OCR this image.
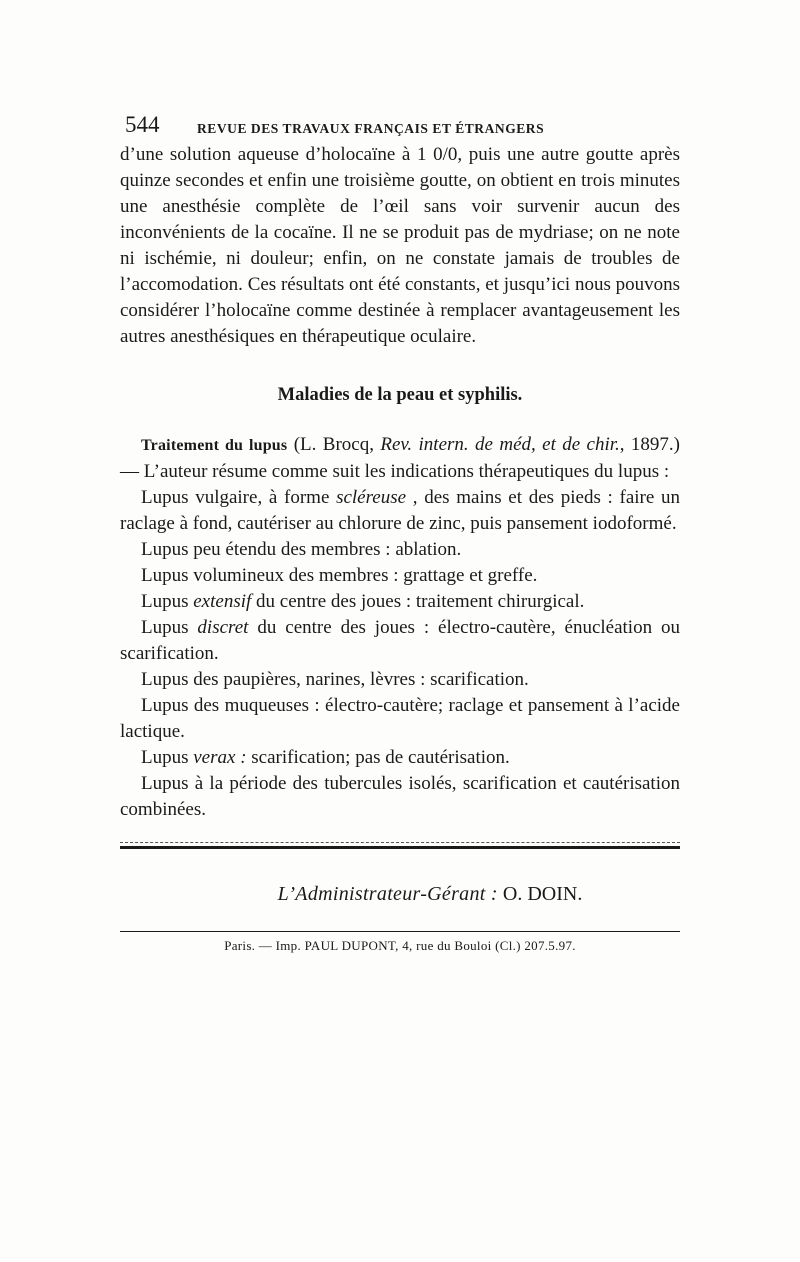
544	REVUE DES TRAVAUX FRANÇAIS ET ÉTRANGERS

d’une solution aqueuse d’holocaïne à 1 0/0, puis une autre goutte après quinze secondes et enfin une troisième goutte, on obtient en trois minutes une anesthésie complète de l’œil sans voir survenir aucun des inconvénients de la cocaïne. Il ne se produit pas de mydriase; on ne note ni ischémie, ni douleur; enfin, on ne constate jamais de troubles de l’accomodation. Ces résultats ont été constants, et jusqu’ici nous pouvons considérer l’holocaïne comme destinée à remplacer avantageusement les autres anesthésiques en thérapeutique oculaire.

Maladies de la peau et syphilis.

Traitement du lupus (L. Brocq, Rev. intern. de méd, et de chir., 1897.) — L’auteur résume comme suit les indications thérapeutiques du lupus :

Lupus vulgaire, à forme scléreuse , des mains et des pieds : faire un raclage à fond, cautériser au chlorure de zinc, puis pansement iodoformé.

Lupus peu étendu des membres : ablation.

Lupus volumineux des membres : grattage et greffe.

Lupus extensif du centre des joues : traitement chirurgical.

Lupus discret du centre des joues : électro-cautère, énucléation ou scarification.

Lupus des paupières, narines, lèvres : scarification.

Lupus des muqueuses : électro-cautère; raclage et pansement à l’acide lactique.

Lupus verax : scarification; pas de cautérisation.

Lupus à la période des tubercules isolés, scarification et cautérisation combinées.

L’Administrateur-Gérant : O. DOIN.
Paris. — Imp. PAUL DUPONT, 4, rue du Bouloi (Cl.) 207.5.97.
